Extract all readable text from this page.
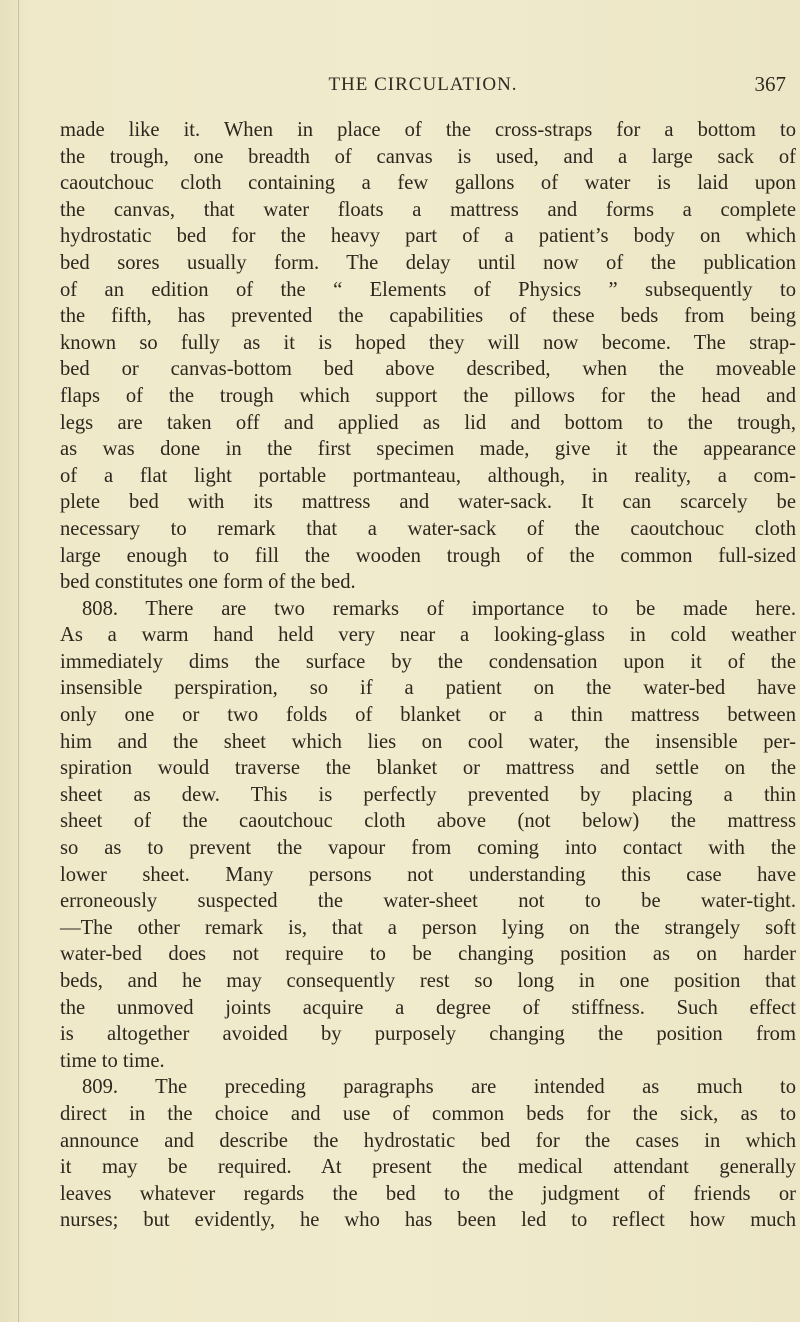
THE CIRCULATION.	367
made like it. When in place of the cross-straps for a bottom to
the trough, one breadth of canvas is used, and a large sack of
caoutchouc cloth containing a few gallons of water is laid upon
the canvas, that water floats a mattress and forms a complete
hydrostatic bed for the heavy part of a patient’s body on which
bed sores usually form. The delay until now of the publication
of an edition of the “ Elements of Physics ” subsequently to
the fifth, has prevented the capabilities of these beds from being
known so fully as it is hoped they will now become. The strap-
bed or canvas-bottom bed above described, when the moveable
flaps of the trough which support the pillows for the head and
legs are taken off and applied as lid and bottom to the trough,
as was done in the first specimen made, give it the appearance
of a flat light portable portmanteau, although, in reality, a com-
plete bed with its mattress and water-sack. It can scarcely be
necessary to remark that a water-sack of the caoutchouc cloth
large enough to fill the wooden trough of the common full-sized
bed constitutes one form of the bed.
808. There are two remarks of importance to be made here.
As a warm hand held very near a looking-glass in cold weather
immediately dims the surface by the condensation upon it of the
insensible perspiration, so if a patient on the water-bed have
only one or two folds of blanket or a thin mattress between
him and the sheet which lies on cool water, the insensible per-
spiration would traverse the blanket or mattress and settle on the
sheet as dew. This is perfectly prevented by placing a thin
sheet of the caoutchouc cloth above (not below) the mattress
so as to prevent the vapour from coming into contact with the
lower sheet. Many persons not understanding this case have
erroneously suspected the water-sheet not to be water-tight.
—The other remark is, that a person lying on the strangely soft
water-bed does not require to be changing position as on harder
beds, and he may consequently rest so long in one position that
the unmoved joints acquire a degree of stiffness. Such effect
is altogether avoided by purposely changing the position from
time to time.
809. The preceding paragraphs are intended as much to
direct in the choice and use of common beds for the sick, as to
announce and describe the hydrostatic bed for the cases in which
it may be required. At present the medical attendant generally
leaves whatever regards the bed to the judgment of friends or
nurses; but evidently, he who has been led to reflect how much
